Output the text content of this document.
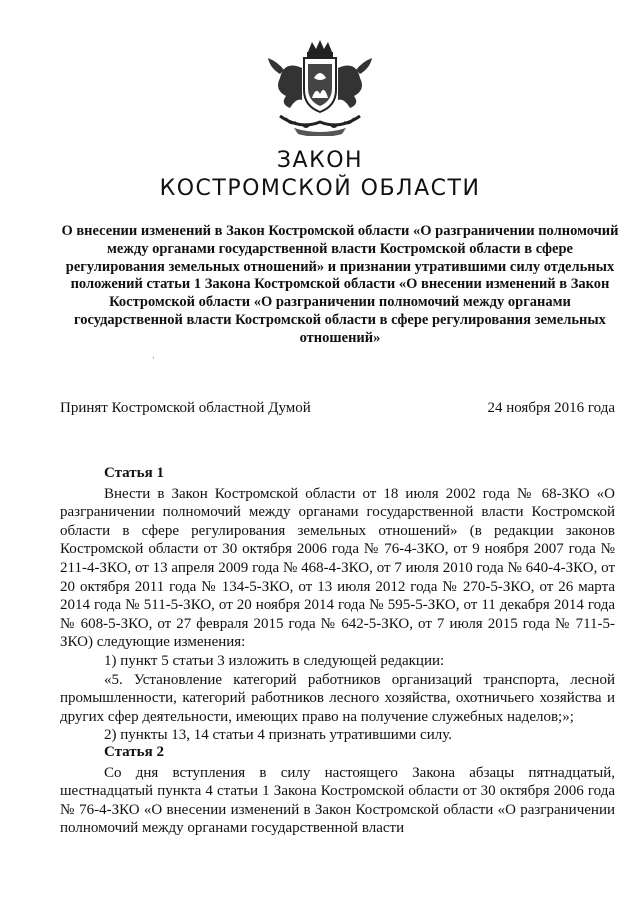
ЗАКОН
КОСТРОМСКОЙ ОБЛАСТИ
О внесении изменений в Закон Костромской области «О разграничении полномочий между органами государственной власти Костромской области в сфере регулирования земельных отношений» и признании утратившими силу отдельных положений статьи 1 Закона Костромской области «О внесении изменений в Закон Костромской области «О разграничении полномочий между органами государственной власти Костромской области в сфере регулирования земельных отношений»
ˌ
Принят Костромской областной Думой	24 ноября 2016 года

Статья 1

Внести в Закон Костромской области от 18 июля 2002 года № 68-ЗКО «О разграничении полномочий между органами государственной власти Костромской области в сфере регулирования земельных отношений» (в редакции законов Костромской области от 30 октября 2006 года № 76-4-ЗКО, от 9 ноября 2007 года № 211-4-ЗКО, от 13 апреля 2009 года № 468-4-ЗКО, от 7 июля 2010 года № 640-4-ЗКО, от 20 октября 2011 года № 134-5-ЗКО, от 13 июля 2012 года № 270-5-ЗКО, от 26 марта 2014 года № 511-5-ЗКО, от 20 ноября 2014 года № 595-5-ЗКО, от 11 декабря 2014 года № 608-5-ЗКО, от 27 февраля 2015 года № 642-5-ЗКО, от 7 июля 2015 года № 711-5-ЗКО) следующие изменения:

1) пункт 5 статьи 3 изложить в следующей редакции:

«5. Установление категорий работников организаций транспорта, лесной промышленности, категорий работников лесного хозяйства, охотничьего хозяйства и других сфер деятельности, имеющих право на получение служебных наделов;»;

2) пункты 13, 14 статьи 4 признать утратившими силу.

Статья 2

Со дня вступления в силу настоящего Закона абзацы пятнадцатый, шестнадцатый пункта 4 статьи 1 Закона Костромской области от 30 октября 2006 года № 76-4-ЗКО «О внесении изменений в Закон Костромской области «О разграничении полномочий между органами государственной власти
